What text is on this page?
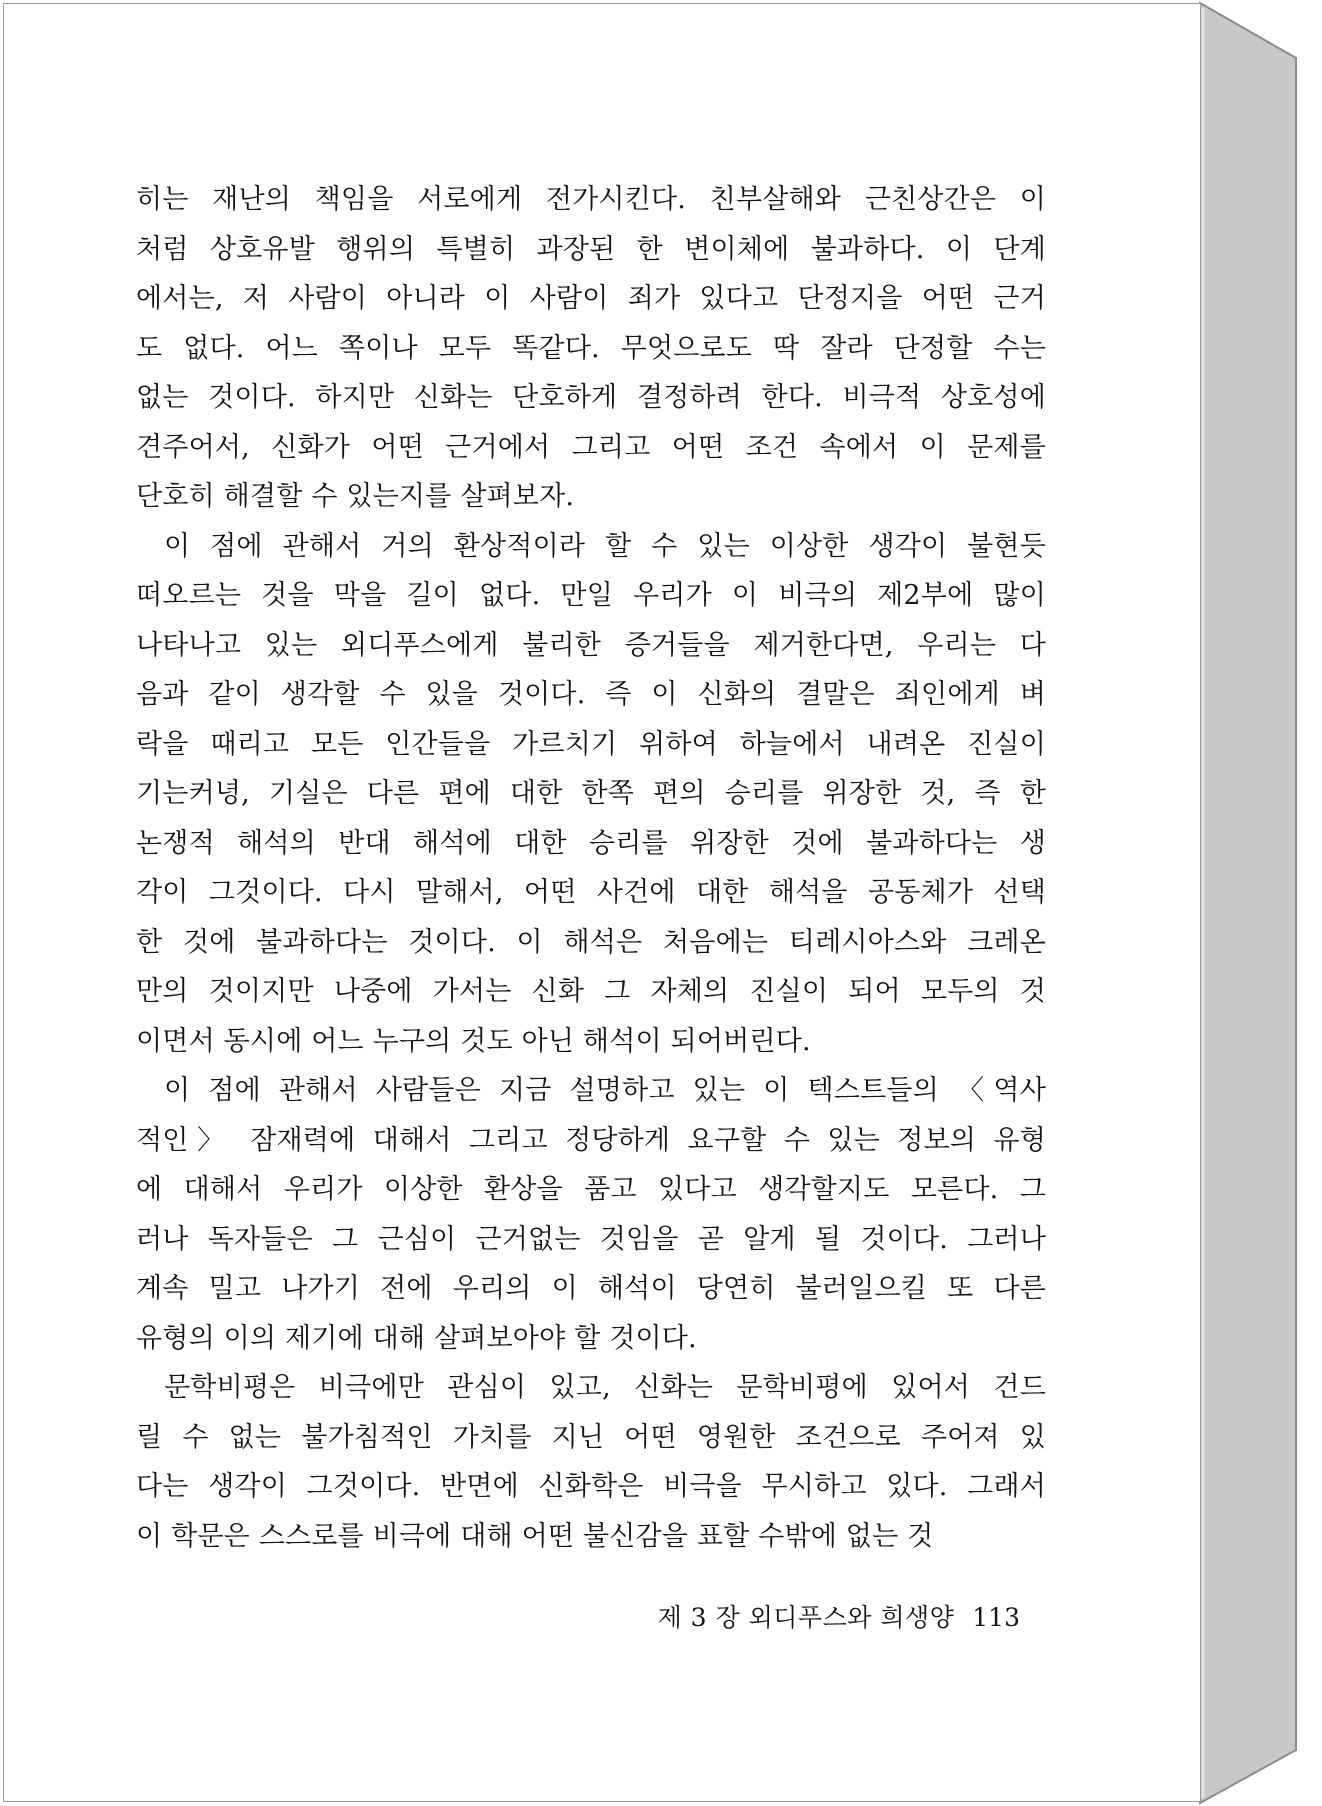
히는 재난의 책임을 서로에게 전가시킨다. 친부살해와 근친상간은 이
처럼 상호유발 행위의 특별히 과장된 한 변이체에 불과하다. 이 단계
에서는, 저 사람이 아니라 이 사람이 죄가 있다고 단정지을 어떤 근거
도 없다. 어느 쪽이나 모두 똑같다. 무엇으로도 딱 잘라 단정할 수는
없는 것이다. 하지만 신화는 단호하게 결정하려 한다. 비극적 상호성에
견주어서, 신화가 어떤 근거에서 그리고 어떤 조건 속에서 이 문제를
단호히 해결할 수 있는지를 살펴보자.
이 점에 관해서 거의 환상적이라 할 수 있는 이상한 생각이 불현듯
떠오르는 것을 막을 길이 없다. 만일 우리가 이 비극의 제2부에 많이
나타나고 있는 외디푸스에게 불리한 증거들을 제거한다면, 우리는 다
음과 같이 생각할 수 있을 것이다. 즉 이 신화의 결말은 죄인에게 벼
락을 때리고 모든 인간들을 가르치기 위하여 하늘에서 내려온 진실이
기는커녕, 기실은 다른 편에 대한 한쪽 편의 승리를 위장한 것, 즉 한
논쟁적 해석의 반대 해석에 대한 승리를 위장한 것에 불과하다는 생
각이 그것이다. 다시 말해서, 어떤 사건에 대한 해석을 공동체가 선택
한 것에 불과하다는 것이다. 이 해석은 처음에는 티레시아스와 크레온
만의 것이지만 나중에 가서는 신화 그 자체의 진실이 되어 모두의 것
이면서 동시에 어느 누구의 것도 아닌 해석이 되어버린다.
이 점에 관해서 사람들은 지금 설명하고 있는 이 텍스트들의 〈역사
적인〉 잠재력에 대해서 그리고 정당하게 요구할 수 있는 정보의 유형
에 대해서 우리가 이상한 환상을 품고 있다고 생각할지도 모른다. 그
러나 독자들은 그 근심이 근거없는 것임을 곧 알게 될 것이다. 그러나
계속 밀고 나가기 전에 우리의 이 해석이 당연히 불러일으킬 또 다른
유형의 이의 제기에 대해 살펴보아야 할 것이다.
문학비평은 비극에만 관심이 있고, 신화는 문학비평에 있어서 건드
릴 수 없는 불가침적인 가치를 지닌 어떤 영원한 조건으로 주어져 있
다는 생각이 그것이다. 반면에 신화학은 비극을 무시하고 있다. 그래서
이 학문은 스스로를 비극에 대해 어떤 불신감을 표할 수밖에 없는 것
제 3 장 외디푸스와 희생양 113
